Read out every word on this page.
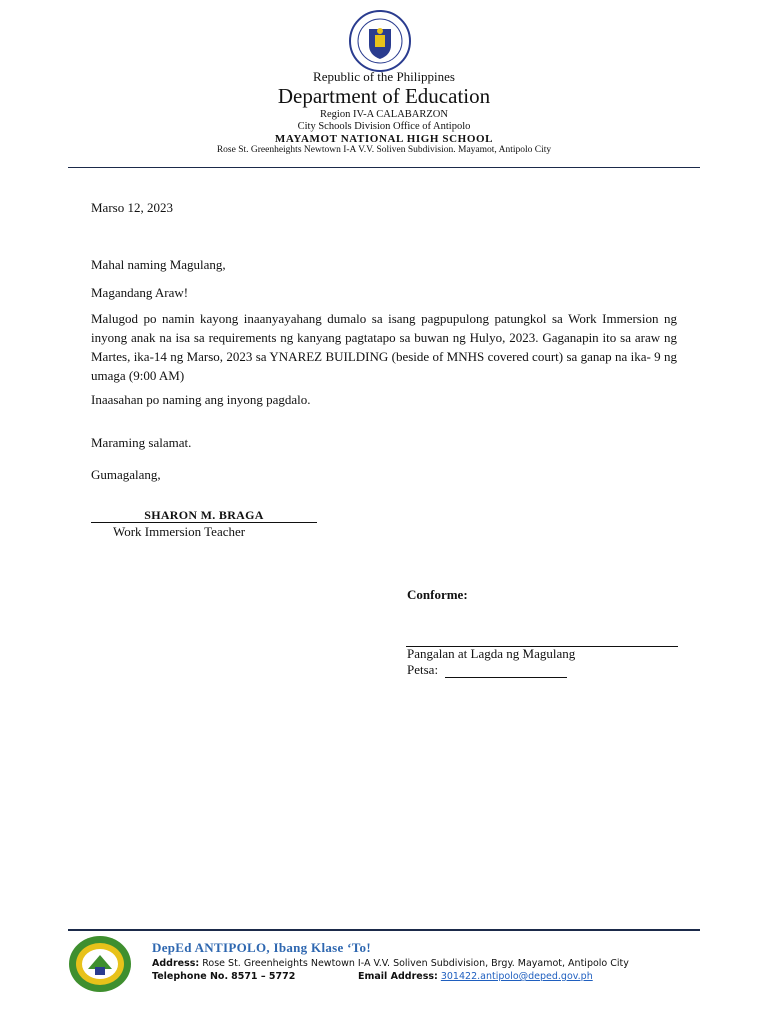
Republic of the Philippines
Department of Education
Region IV-A CALABARZON
City Schools Division Office of Antipolo
MAYAMOT NATIONAL HIGH SCHOOL
Rose St. Greenheights Newtown I-A V.V. Soliven Subdivision. Mayamot, Antipolo City
Marso 12, 2023
Mahal naming Magulang,
Magandang Araw!
Malugod po namin kayong inaanyayahang dumalo sa isang pagpupulong patungkol sa Work Immersion ng inyong anak na isa sa requirements ng kanyang pagtatapo sa buwan ng Hulyo, 2023. Gaganapin ito sa araw ng Martes, ika-14 ng Marso, 2023 sa YNAREZ BUILDING (beside of MNHS covered court) sa ganap na ika- 9 ng umaga (9:00 AM)
Inaasahan po naming ang inyong pagdalo.
Maraming salamat.
Gumagalang,
SHARON M. BRAGA
Work Immersion Teacher
Conforme:
Pangalan at Lagda ng Magulang
Petsa:
DepEd ANTIPOLO, Ibang Klase ‘To!
Address: Rose St. Greenheights Newtown I-A V.V. Soliven Subdivision, Brgy. Mayamot, Antipolo City
Telephone No. 8571 – 5772	Email Address: 301422.antipolo@deped.gov.ph
